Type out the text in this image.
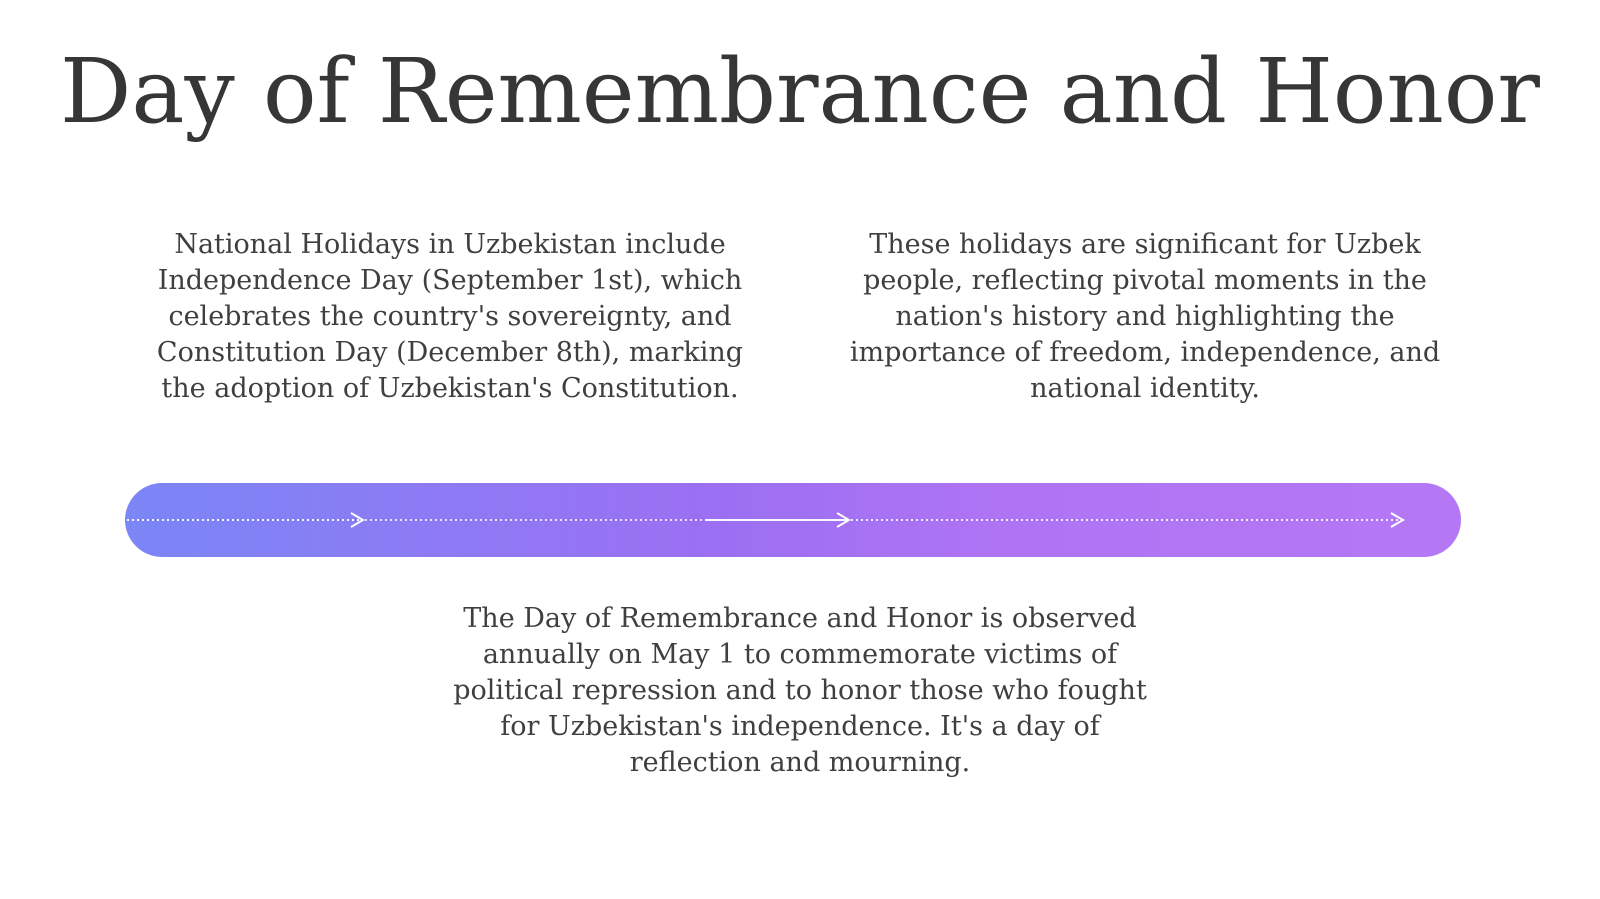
Day of Remembrance and Honor

National Holidays in Uzbekistan include Independence Day (September 1st), which celebrates the country's sovereignty, and Constitution Day (December 8th), marking the adoption of Uzbekistan's Constitution.

These holidays are significant for Uzbek people, reflecting pivotal moments in the nation's history and highlighting the importance of freedom, independence, and national identity.

The Day of Remembrance and Honor is observed annually on May 1 to commemorate victims of political repression and to honor those who fought for Uzbekistan's independence. It's a day of reflection and mourning.
